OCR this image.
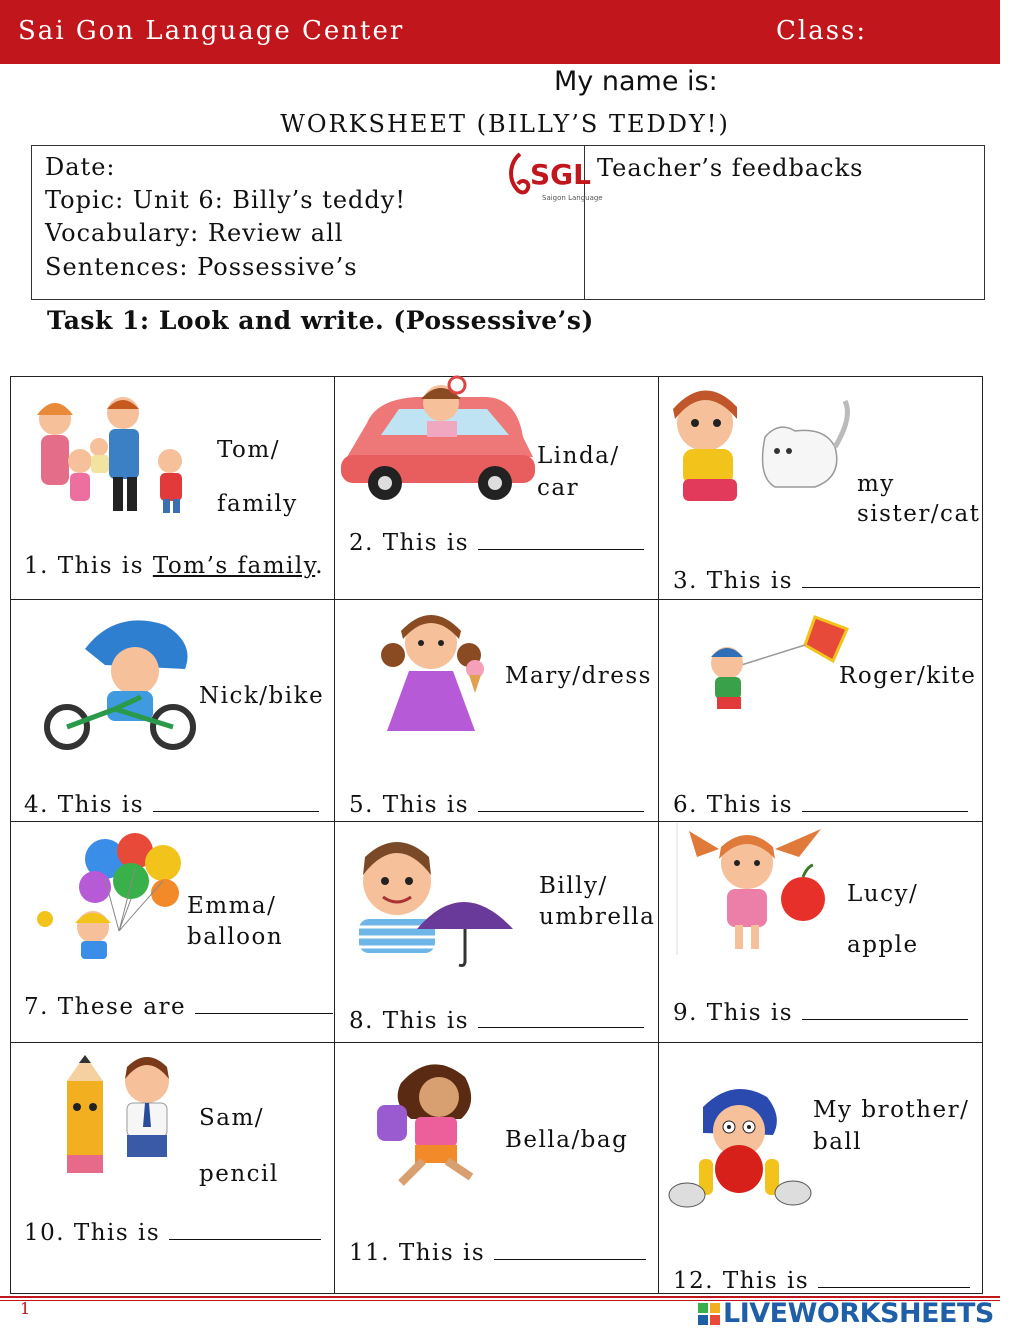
Sai Gon Language Center	Class:
My name is:
WORKSHEET (BILLY’S TEDDY!)
Date:
Topic: Unit 6: Billy’s teddy!
Vocabulary: Review all
Sentences: Possessive’s
SGL
Saigon Language
Teacher’s feedbacks
Task 1: Look and write. (Possessive’s)
Tom/
family
1. This is Tom’s family.
Linda/
car
2. This is
my
sister/cat
3. This is
Nick/bike
4. This is
Mary/dress
5. This is
Roger/kite
6. This is
Emma/
balloon
7. These are
Billy/
umbrella
8. This is
Lucy/
apple
9. This is
Sam/
pencil
10. This is
Bella/bag
11. This is
My brother/
ball
12. This is
1	LIVEWORKSHEETS
